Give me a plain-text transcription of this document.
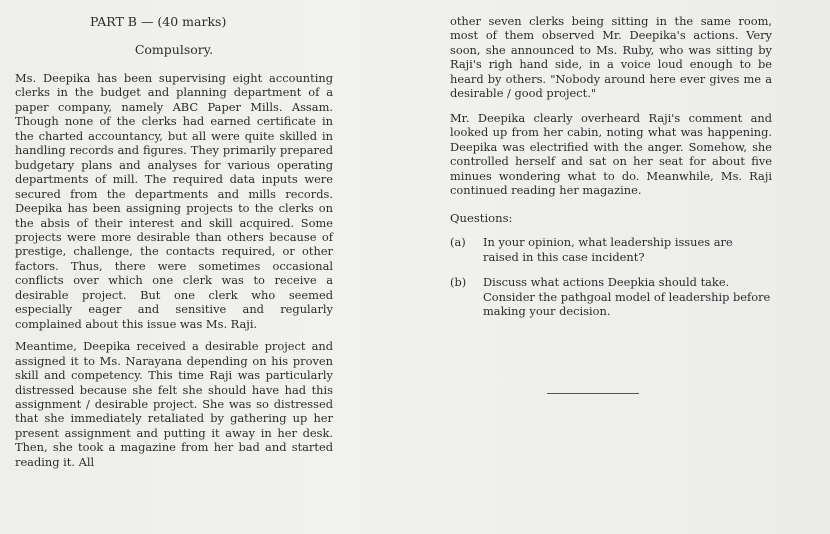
PART B — (40 marks)

Compulsory.

Ms. Deepika has been supervising eight accounting clerks in the budget and planning department of a paper company, namely ABC Paper Mills. Assam. Though none of the clerks had earned certificate in the charted accountancy, but all were quite skilled in handling records and figures. They primarily prepared budgetary plans and analyses for various operating departments of mill. The required data inputs were secured from the departments and mills records. Deepika has been assigning projects to the clerks on the absis of their interest and skill acquired. Some projects were more desirable than others because of prestige, challenge, the contacts required, or other factors. Thus, there were sometimes occasional conflicts over which one clerk was to receive a desirable project. But one clerk who seemed especially eager and sensitive and regularly complained about this issue was Ms. Raji.

Meantime, Deepika received a desirable project and assigned it to Ms. Narayana depending on his proven skill and competency. This time Raji was particularly distressed because she felt she should have had this assignment / desirable project. She was so distressed that she immediately retaliated by gathering up her present assignment and putting it away in her desk. Then, she took a magazine from her bad and started reading it. All

other seven clerks being sitting in the same room, most of them observed Mr. Deepika's actions. Very soon, she announced to Ms. Ruby, who was sitting by Raji's righ hand side, in a voice loud enough to be heard by others. "Nobody around here ever gives me a desirable / good project."

Mr. Deepika clearly overheard Raji's comment and looked up from her cabin, noting what was happening. Deepika was electrified with the anger. Somehow, she controlled herself and sat on her seat for about five minues wondering what to do. Meanwhile, Ms. Raji continued reading her magazine.

Questions:
(a)	In your opinion, what leadership issues are raised in this case incident?
(b)	Discuss what actions Deepkia should take. Consider the pathgoal model of leadership before making your decision.
